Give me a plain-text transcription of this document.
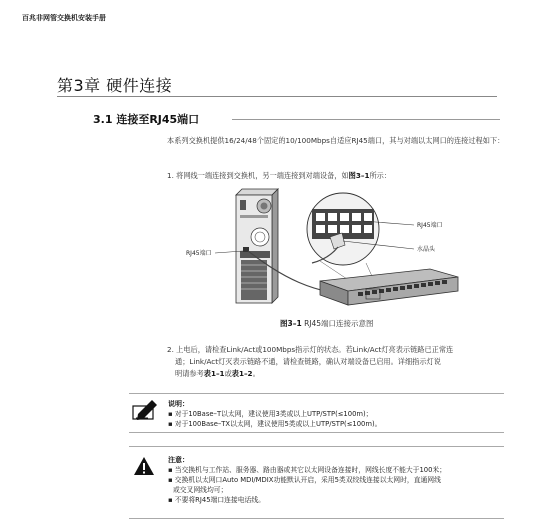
百兆非网管交换机安装手册
第3章 硬件连接
3.1 连接至RJ45端口
本系列交换机提供16/24/48个固定的10/100Mbps自适应RJ45端口，其与对端以太网口的连接过程如下：
1. 将网线一端连接到交换机，另一端连接到对端设备，如图3–1所示：
RJ45端口
RJ45端口
水晶头
图3–1 RJ45端口连接示意图
2. 上电后，请检查Link/Act或100Mbps指示灯的状态。若Link/Act灯亮表示链路已正常连
通；Link/Act灯灭表示链路不通，请检查链路，确认对端设备已启用。详细指示灯说
明请参考表1–1或表1–2。
说明：
▪ 对于10Base–T以太网，建议使用3类或以上UTP/STP(≤100m)；
▪ 对于100Base–TX以太网，建议使用5类或以上UTP/STP(≤100m)。
注意：
▪ 当交换机与工作站、服务器、路由器或其它以太网设备连接时，网线长度不能大于100米；
▪ 交换机以太网口Auto MDI/MDIX功能默认开启，采用5类双绞线连接以太网时，直通网线
或交叉网线均可；
▪ 不要将RJ45端口连接电话线。
